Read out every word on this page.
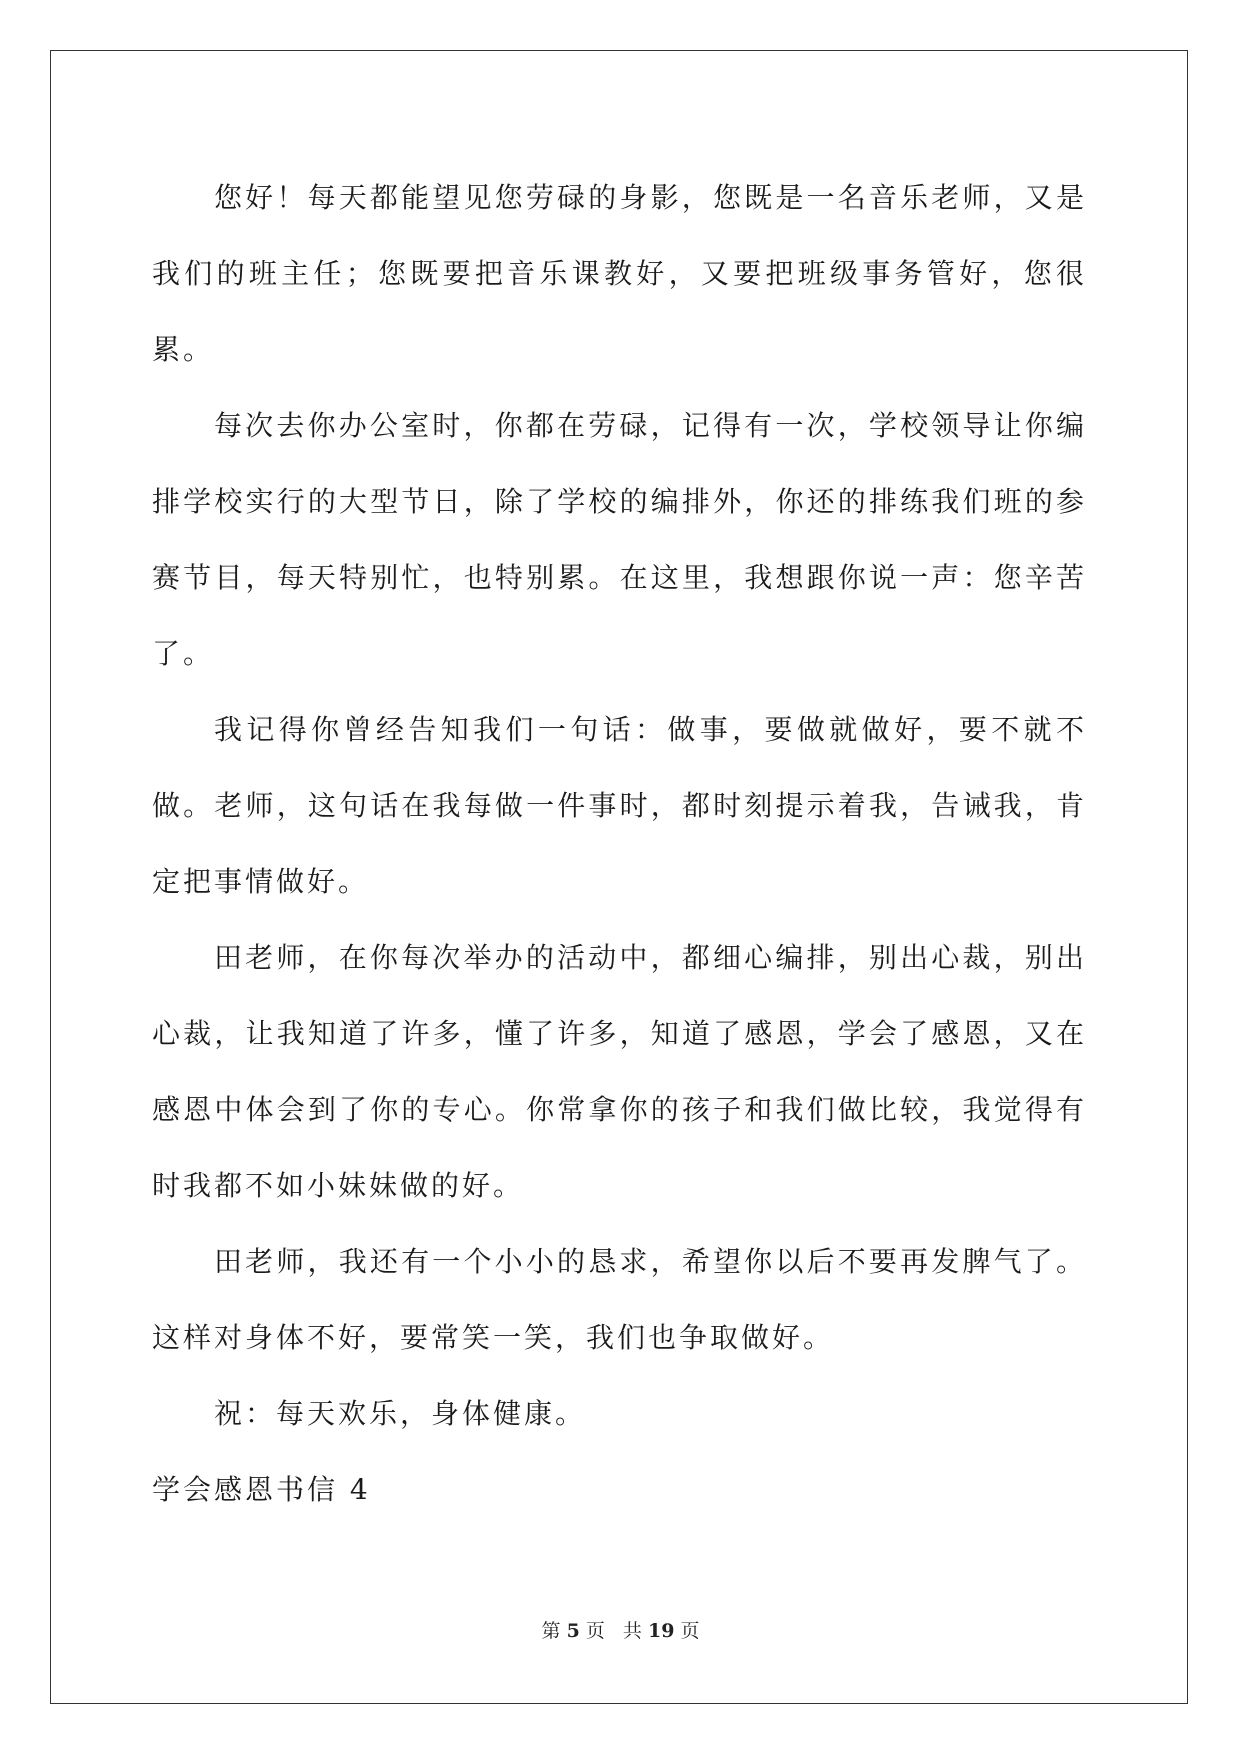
您好！每天都能望见您劳碌的身影，您既是一名音乐老师，又是我们的班主任；您既要把音乐课教好，又要把班级事务管好，您很累。

每次去你办公室时，你都在劳碌，记得有一次，学校领导让你编排学校实行的大型节日，除了学校的编排外，你还的排练我们班的参赛节目，每天特别忙，也特别累。在这里，我想跟你说一声：您辛苦了。

我记得你曾经告知我们一句话：做事，要做就做好，要不就不做。老师，这句话在我每做一件事时，都时刻提示着我，告诫我，肯定把事情做好。

田老师，在你每次举办的活动中，都细心编排，别出心裁，别出心裁，让我知道了许多，懂了许多，知道了感恩，学会了感恩，又在感恩中体会到了你的专心。你常拿你的孩子和我们做比较，我觉得有时我都不如小妹妹做的好。

田老师，我还有一个小小的恳求，希望你以后不要再发脾气了。这样对身体不好，要常笑一笑，我们也争取做好。

祝：每天欢乐，身体健康。

学会感恩书信 4

第 5 页 共 19 页
